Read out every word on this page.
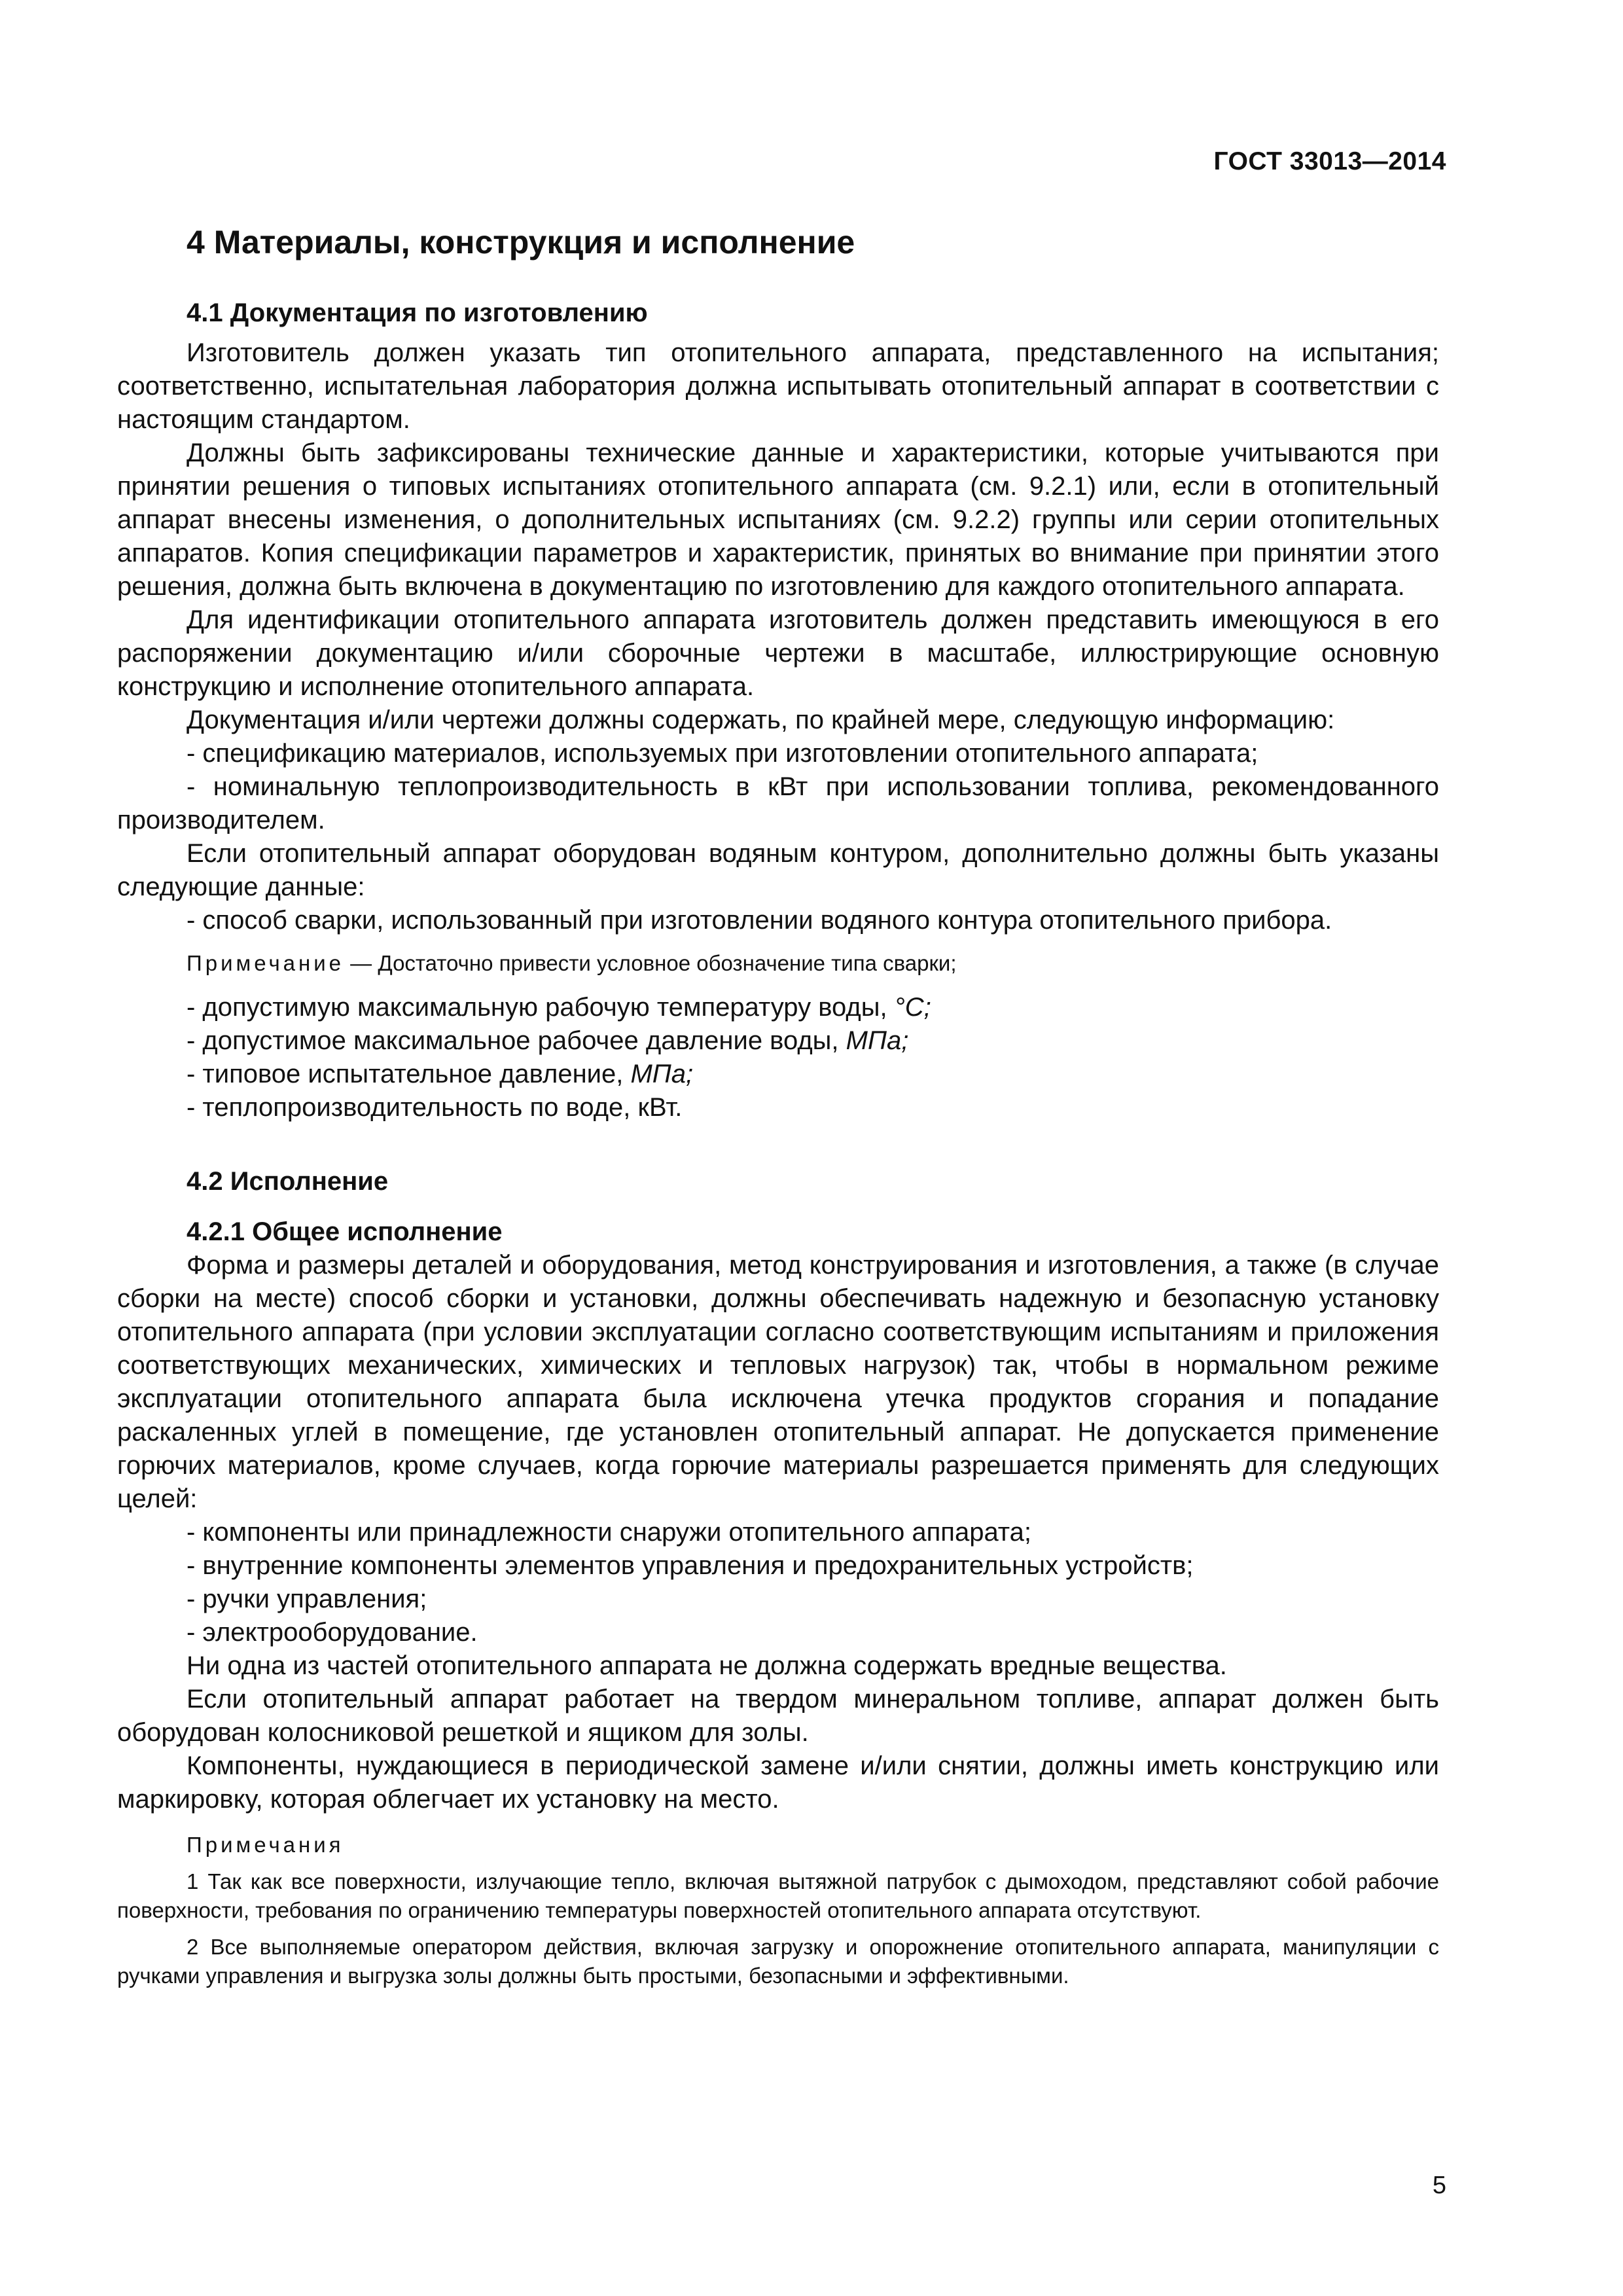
ГОСТ 33013—2014
4 Материалы, конструкция и исполнение
4.1 Документация по изготовлению

Изготовитель должен указать тип отопительного аппарата, представленного на испытания; соответственно, испытательная лаборатория должна испытывать отопительный аппарат в соответствии с настоящим стандартом.

Должны быть зафиксированы технические данные и характеристики, которые учитываются при принятии решения о типовых испытаниях отопительного аппарата (см. 9.2.1) или, если в отопительный аппарат внесены изменения, о дополнительных испытаниях (см. 9.2.2) группы или серии отопительных аппаратов. Копия спецификации параметров и характеристик, принятых во внимание при принятии этого решения, должна быть включена в документацию по изготовлению для каждого отопительного аппарата.

Для идентификации отопительного аппарата изготовитель должен представить имеющуюся в его распоряжении документацию и/или сборочные чертежи в масштабе, иллюстрирующие основную конструкцию и исполнение отопительного аппарата.

Документация и/или чертежи должны содержать, по крайней мере, следующую информацию:

- спецификацию материалов, используемых при изготовлении отопительного аппарата;
- номинальную теплопроизводительность в кВт при использовании топлива, рекомендованного производителем.

Если отопительный аппарат оборудован водяным контуром, дополнительно должны быть указаны следующие данные:

- способ сварки, использованный при изготовлении водяного контура отопительного прибора.
Примечание — Достаточно привести условное обозначение типа сварки;
- допустимую максимальную рабочую температуру воды, °С;
- допустимое максимальное рабочее давление воды, МПа;
- типовое испытательное давление, МПа;
- теплопроизводительность по воде, кВт.
4.2 Исполнение
4.2.1 Общее исполнение

Форма и размеры деталей и оборудования, метод конструирования и изготовления, а также (в случае сборки на месте) способ сборки и установки, должны обеспечивать надежную и безопасную установку отопительного аппарата (при условии эксплуатации согласно соответствующим испытаниям и приложения соответствующих механических, химических и тепловых нагрузок) так, чтобы в нормальном режиме эксплуатации отопительного аппарата была исключена утечка продуктов сгорания и попадание раскаленных углей в помещение, где установлен отопительный аппарат. Не допускается применение горючих материалов, кроме случаев, когда горючие материалы разрешается применять для следующих целей:

- компоненты или принадлежности снаружи отопительного аппарата;
- внутренние компоненты элементов управления и предохранительных устройств;
- ручки управления;
- электрооборудование.

Ни одна из частей отопительного аппарата не должна содержать вредные вещества.

Если отопительный аппарат работает на твердом минеральном топливе, аппарат должен быть оборудован колосниковой решеткой и ящиком для золы.

Компоненты, нуждающиеся в периодической замене и/или снятии, должны иметь конструкцию или маркировку, которая облегчает их установку на место.

Примечания
1 Так как все поверхности, излучающие тепло, включая вытяжной патрубок с дымоходом, представляют собой рабочие поверхности, требования по ограничению температуры поверхностей отопительного аппарата отсутствуют.
2 Все выполняемые оператором действия, включая загрузку и опорожнение отопительного аппарата, манипуляции с ручками управления и выгрузка золы должны быть простыми, безопасными и эффективными.
5
